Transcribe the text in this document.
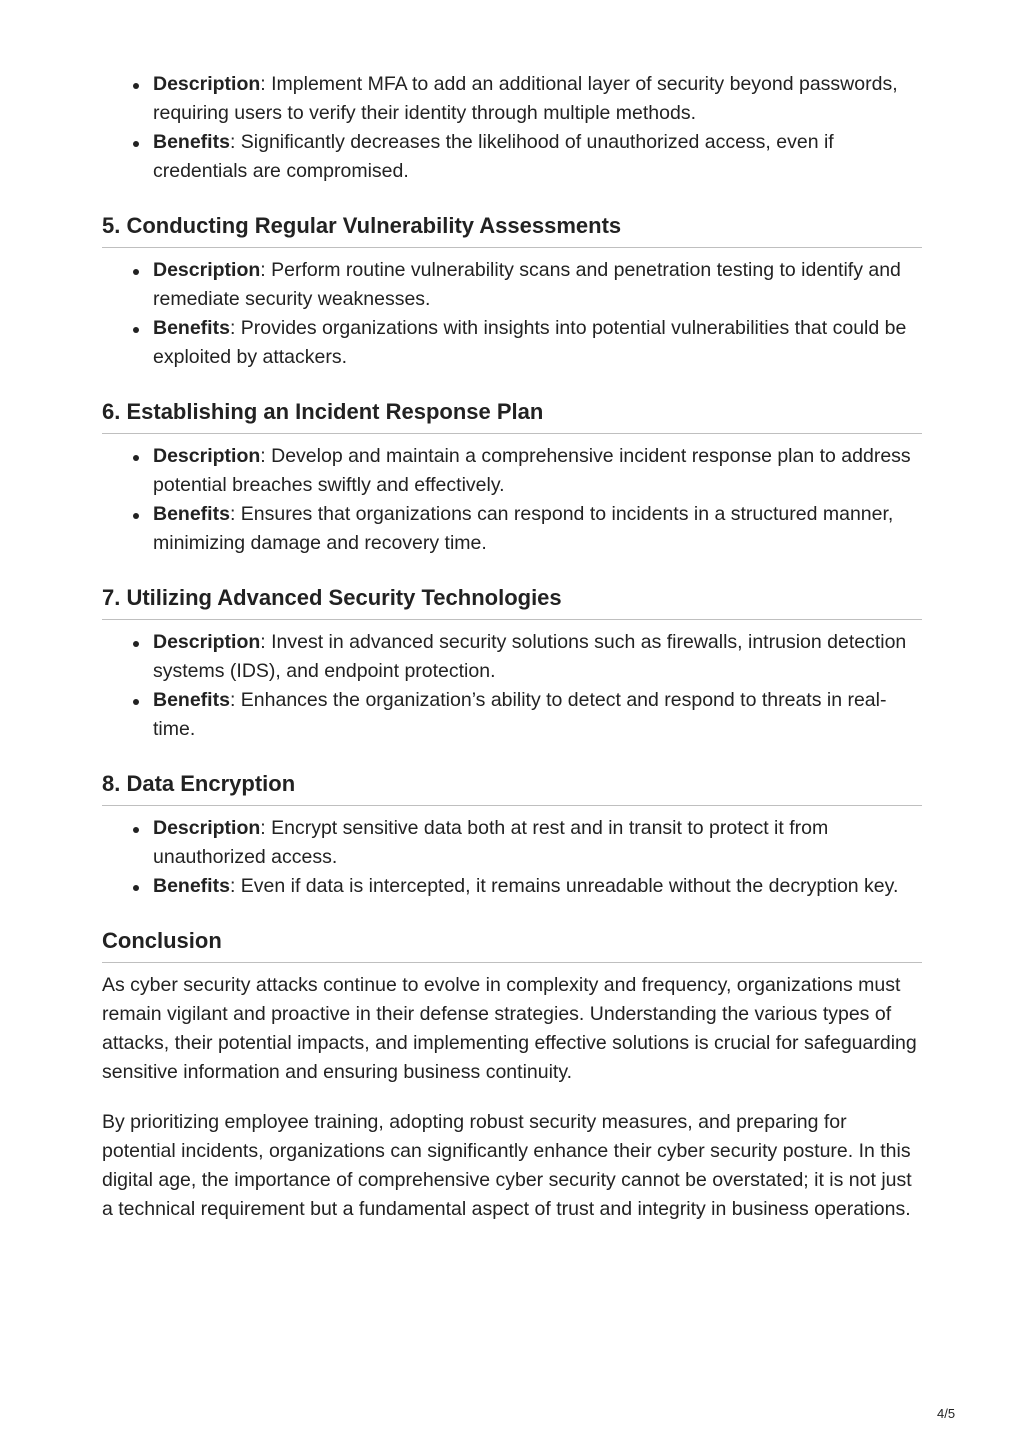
Description: Implement MFA to add an additional layer of security beyond passwords, requiring users to verify their identity through multiple methods.
Benefits: Significantly decreases the likelihood of unauthorized access, even if credentials are compromised.
5. Conducting Regular Vulnerability Assessments
Description: Perform routine vulnerability scans and penetration testing to identify and remediate security weaknesses.
Benefits: Provides organizations with insights into potential vulnerabilities that could be exploited by attackers.
6. Establishing an Incident Response Plan
Description: Develop and maintain a comprehensive incident response plan to address potential breaches swiftly and effectively.
Benefits: Ensures that organizations can respond to incidents in a structured manner, minimizing damage and recovery time.
7. Utilizing Advanced Security Technologies
Description: Invest in advanced security solutions such as firewalls, intrusion detection systems (IDS), and endpoint protection.
Benefits: Enhances the organization’s ability to detect and respond to threats in real-time.
8. Data Encryption
Description: Encrypt sensitive data both at rest and in transit to protect it from unauthorized access.
Benefits: Even if data is intercepted, it remains unreadable without the decryption key.
Conclusion

As cyber security attacks continue to evolve in complexity and frequency, organizations must remain vigilant and proactive in their defense strategies. Understanding the various types of attacks, their potential impacts, and implementing effective solutions is crucial for safeguarding sensitive information and ensuring business continuity.

By prioritizing employee training, adopting robust security measures, and preparing for potential incidents, organizations can significantly enhance their cyber security posture. In this digital age, the importance of comprehensive cyber security cannot be overstated; it is not just a technical requirement but a fundamental aspect of trust and integrity in business operations.

4/5
